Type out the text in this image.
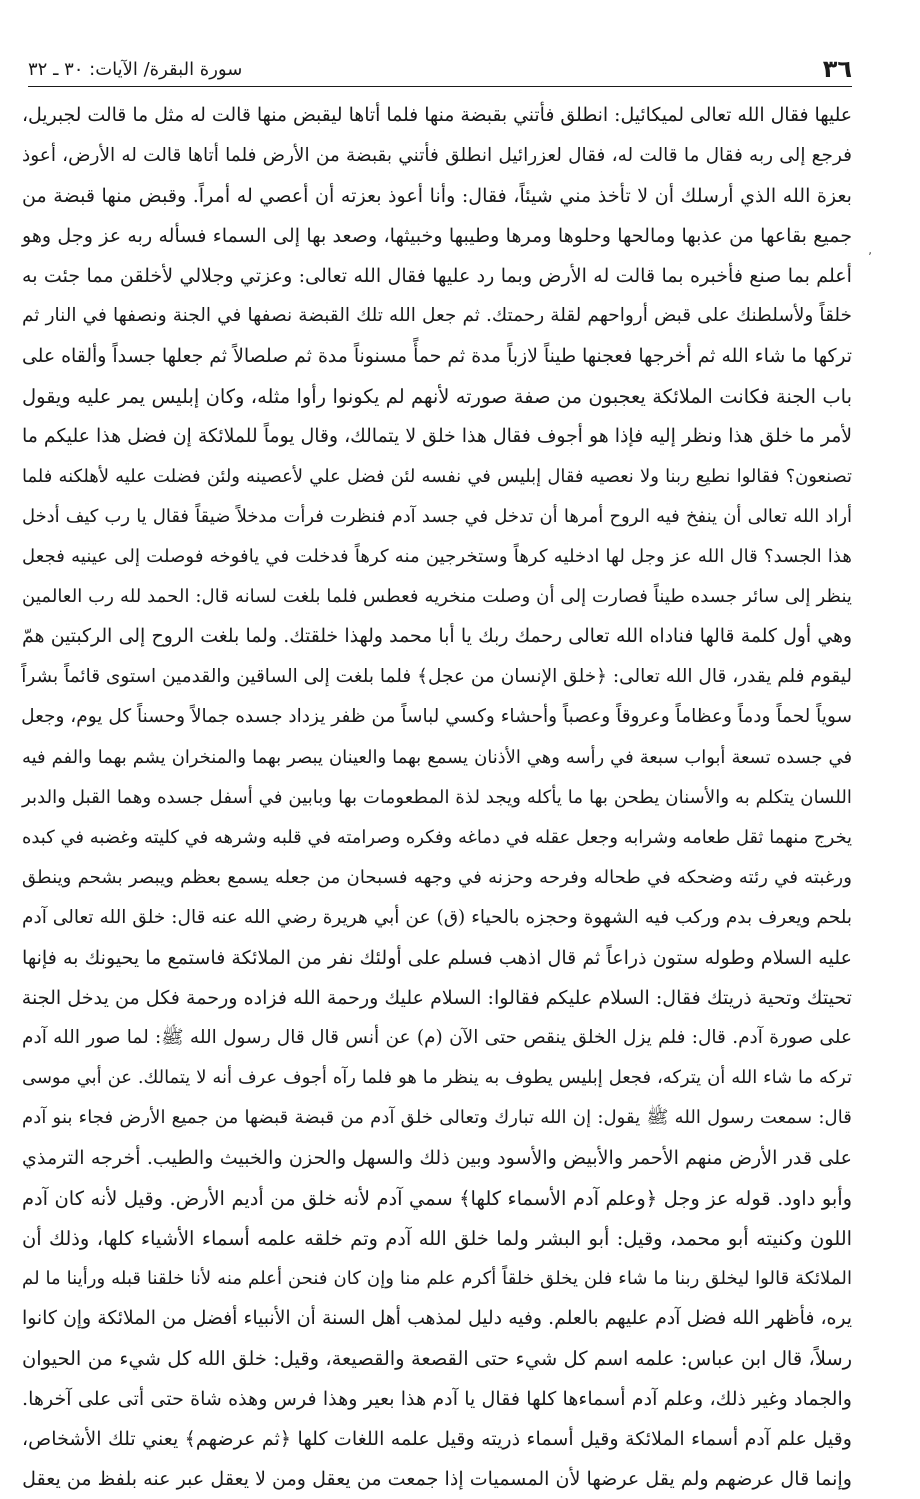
٣٦
سورة البقرة/ الآيات: ٣٠ ـ ٣٢
٬

عليها فقال الله تعالى لميكائيل: انطلق فأتني بقبضة منها فلما أتاها ليقبض منها قالت له مثل ما قالت لجبريل،

فرجع إلى ربه فقال ما قالت له، فقال لعزرائيل انطلق فأتني بقبضة من الأرض فلما أتاها قالت له الأرض، أعوذ

بعزة الله الذي أرسلك أن لا تأخذ مني شيئاً، فقال: وأنا أعوذ بعزته أن أعصي له أمراً. وقبض منها قبضة من

جميع بقاعها من عذبها ومالحها وحلوها ومرها وطيبها وخبيثها، وصعد بها إلى السماء فسأله ربه عز وجل وهو

أعلم بما صنع فأخبره بما قالت له الأرض وبما رد عليها فقال الله تعالى: وعزتي وجلالي لأخلقن مما جئت به

خلقاً ولأسلطنك على قبض أرواحهم لقلة رحمتك. ثم جعل الله تلك القبضة نصفها في الجنة ونصفها في النار ثم

تركها ما شاء الله ثم أخرجها فعجنها طيناً لازباً مدة ثم حمأً مسنوناً مدة ثم صلصالاً ثم جعلها جسداً وألقاه على

باب الجنة فكانت الملائكة يعجبون من صفة صورته لأنهم لم يكونوا رأوا مثله، وكان إبليس يمر عليه ويقول

لأمر ما خلق هذا ونظر إليه فإذا هو أجوف فقال هذا خلق لا يتمالك، وقال يوماً للملائكة إن فضل هذا عليكم ما

تصنعون؟ فقالوا نطيع ربنا ولا نعصيه فقال إبليس في نفسه لئن فضل علي لأعصينه ولئن فضلت عليه لأهلكنه فلما

أراد الله تعالى أن ينفخ فيه الروح أمرها أن تدخل في جسد آدم فنظرت فرأت مدخلاً ضيقاً فقال يا رب كيف أدخل

هذا الجسد؟ قال الله عز وجل لها ادخليه كرهاً وستخرجين منه كرهاً فدخلت في يافوخه فوصلت إلى عينيه فجعل

ينظر إلى سائر جسده طيناً فصارت إلى أن وصلت منخريه فعطس فلما بلغت لسانه قال: الحمد لله رب العالمين

وهي أول كلمة قالها فناداه الله تعالى رحمك ربك يا أبا محمد ولهذا خلقتك. ولما بلغت الروح إلى الركبتين همّ

ليقوم فلم يقدر، قال الله تعالى: ﴿خلق الإنسان من عجل﴾ فلما بلغت إلى الساقين والقدمين استوى قائماً بشراً

سوياً لحماً ودماً وعظاماً وعروقاً وعصباً وأحشاء وكسي لباساً من ظفر يزداد جسده جمالاً وحسناً كل يوم، وجعل

في جسده تسعة أبواب سبعة في رأسه وهي الأذنان يسمع بهما والعينان يبصر بهما والمنخران يشم بهما والفم فيه

اللسان يتكلم به والأسنان يطحن بها ما يأكله ويجد لذة المطعومات بها وبابين في أسفل جسده وهما القبل والدبر

يخرج منهما ثقل طعامه وشرابه وجعل عقله في دماغه وفكره وصرامته في قلبه وشرهه في كليته وغضبه في كبده

ورغبته في رئته وضحكه في طحاله وفرحه وحزنه في وجهه فسبحان من جعله يسمع بعظم ويبصر بشحم وينطق

بلحم ويعرف بدم وركب فيه الشهوة وحجزه بالحياء (ق) عن أبي هريرة رضي الله عنه قال: خلق الله تعالى آدم

عليه السلام وطوله ستون ذراعاً ثم قال اذهب فسلم على أولئك نفر من الملائكة فاستمع ما يحيونك به فإنها

تحيتك وتحية ذريتك فقال: السلام عليكم فقالوا: السلام عليك ورحمة الله فزاده ورحمة فكل من يدخل الجنة

على صورة آدم. قال: فلم يزل الخلق ينقص حتى الآن (م) عن أنس قال قال رسول الله ﷺ: لما صور الله آدم

تركه ما شاء الله أن يتركه، فجعل إبليس يطوف به ينظر ما هو فلما رآه أجوف عرف أنه لا يتمالك. عن أبي موسى

قال: سمعت رسول الله ﷺ يقول: إن الله تبارك وتعالى خلق آدم من قبضة قبضها من جميع الأرض فجاء بنو آدم

على قدر الأرض منهم الأحمر والأبيض والأسود وبين ذلك والسهل والحزن والخبيث والطيب. أخرجه الترمذي

وأبو داود. قوله عز وجل ﴿وعلم آدم الأسماء كلها﴾ سمي آدم لأنه خلق من أديم الأرض. وقيل لأنه كان آدم

اللون وكنيته أبو محمد، وقيل: أبو البشر ولما خلق الله آدم وتم خلقه علمه أسماء الأشياء كلها، وذلك أن

الملائكة قالوا ليخلق ربنا ما شاء فلن يخلق خلقاً أكرم علم منا وإن كان فنحن أعلم منه لأنا خلقنا قبله ورأينا ما لم

يره، فأظهر الله فضل آدم عليهم بالعلم. وفيه دليل لمذهب أهل السنة أن الأنبياء أفضل من الملائكة وإن كانوا

رسلاً، قال ابن عباس: علمه اسم كل شيء حتى القصعة والقصيعة، وقيل: خلق الله كل شيء من الحيوان

والجماد وغير ذلك، وعلم آدم أسماءها كلها فقال يا آدم هذا بعير وهذا فرس وهذه شاة حتى أتى على آخرها.

وقيل علم آدم أسماء الملائكة وقيل أسماء ذريته وقيل علمه اللغات كلها ﴿ثم عرضهم﴾ يعني تلك الأشخاص،

وإنما قال عرضهم ولم يقل عرضها لأن المسميات إذا جمعت من يعقل ومن لا يعقل عبر عنه بلفظ من يعقل
